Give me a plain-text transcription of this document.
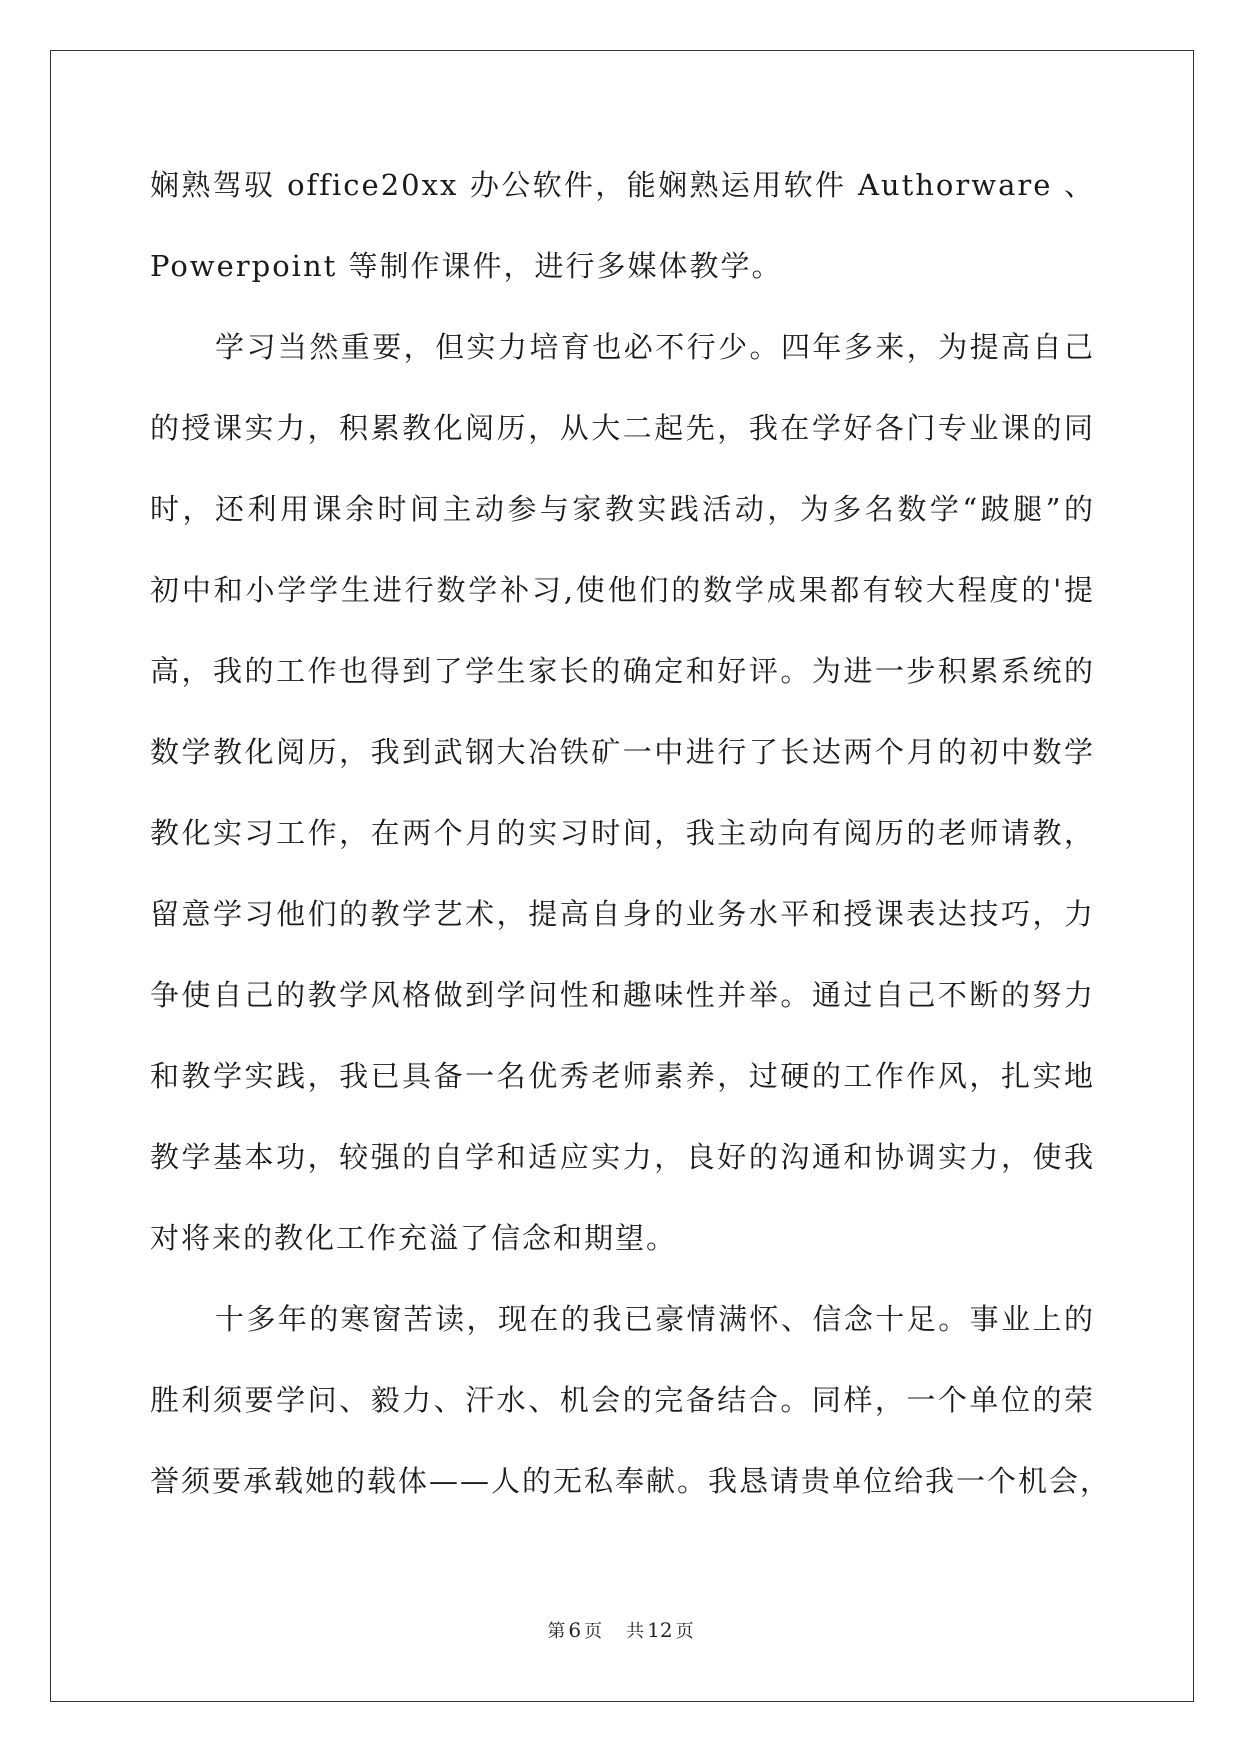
娴熟驾驭 office20xx 办公软件，能娴熟运用软件 Authorware 、
Powerpoint 等制作课件，进行多媒体教学。
学习当然重要，但实力培育也必不行少。四年多来，为提高自己
的授课实力，积累教化阅历，从大二起先，我在学好各门专业课的同
时，还利用课余时间主动参与家教实践活动，为多名数学“跛腿”的
初中和小学学生进行数学补习,使他们的数学成果都有较大程度的'提
高，我的工作也得到了学生家长的确定和好评。为进一步积累系统的
数学教化阅历，我到武钢大冶铁矿一中进行了长达两个月的初中数学
教化实习工作，在两个月的实习时间，我主动向有阅历的老师请教，
留意学习他们的教学艺术，提高自身的业务水平和授课表达技巧，力
争使自己的教学风格做到学问性和趣味性并举。通过自己不断的努力
和教学实践，我已具备一名优秀老师素养，过硬的工作作风，扎实地
教学基本功，较强的自学和适应实力，良好的沟通和协调实力，使我
对将来的教化工作充溢了信念和期望。
十多年的寒窗苦读，现在的我已豪情满怀、信念十足。事业上的
胜利须要学问、毅力、汗水、机会的完备结合。同样，一个单位的荣
誉须要承载她的载体——人的无私奉献。我恳请贵单位给我一个机会，
第 6 页 共 12 页
